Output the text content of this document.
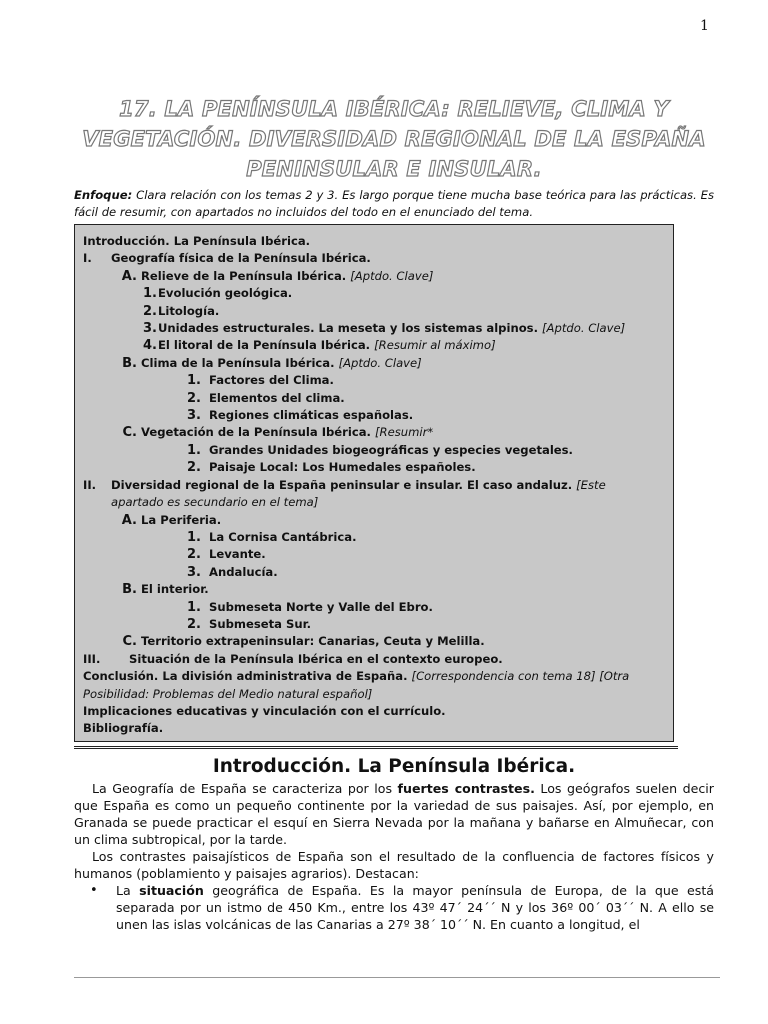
1
17. LA PENÍNSULA IBÉRICA: RELIEVE, CLIMA Y
VEGETACIÓN. DIVERSIDAD REGIONAL DE LA ESPAÑA
PENINSULAR E INSULAR.
Enfoque: Clara relación con los temas 2 y 3. Es largo porque tiene mucha base teórica para las prácticas. Es fácil de resumir, con apartados no incluidos del todo en el enunciado del tema.
Introducción. La Península Ibérica.
I. Geografía física de la Península Ibérica.
A. Relieve de la Península Ibérica. [Aptdo. Clave]
1.Evolución geológica.
2.Litología.
3.Unidades estructurales. La meseta y los sistemas alpinos. [Aptdo. Clave]
4.El litoral de la Península Ibérica. [Resumir al máximo]
B. Clima de la Península Ibérica. [Aptdo. Clave]
1. Factores del Clima.
2. Elementos del clima.
3. Regiones climáticas españolas.
C. Vegetación de la Península Ibérica. [Resumir*
1. Grandes Unidades biogeográficas y especies vegetales.
2. Paisaje Local: Los Humedales españoles.
II. Diversidad regional de la España peninsular e insular. El caso andaluz. [Este
apartado es secundario en el tema]
A. La Periferia.
1. La Cornisa Cantábrica.
2. Levante.
3. Andalucía.
B. El interior.
1. Submeseta Norte y Valle del Ebro.
2. Submeseta Sur.
C. Territorio extrapeninsular: Canarias, Ceuta y Melilla.
III. Situación de la Península Ibérica en el contexto europeo.
Conclusión. La división administrativa de España. [Correspondencia con tema 18] [Otra
Posibilidad: Problemas del Medio natural español]
Implicaciones educativas y vinculación con el currículo.
Bibliografía.
Introducción. La Península Ibérica.

La Geografía de España se caracteriza por los fuertes contrastes. Los geógrafos suelen decir que España es como un pequeño continente por la variedad de sus paisajes. Así, por ejemplo, en Granada se puede practicar el esquí en Sierra Nevada por la mañana y bañarse en Almuñecar, con un clima subtropical, por la tarde.

Los contrastes paisajísticos de España son el resultado de la confluencia de factores físicos y humanos (poblamiento y paisajes agrarios). Destacan:

• La situación geográfica de España. Es la mayor península de Europa, de la que está separada por un istmo de 450 Km., entre los 43º 47´ 24´´ N y los 36º 00´ 03´´ N. A ello se unen las islas volcánicas de las Canarias a 27º 38´ 10´´ N. En cuanto a longitud, el
